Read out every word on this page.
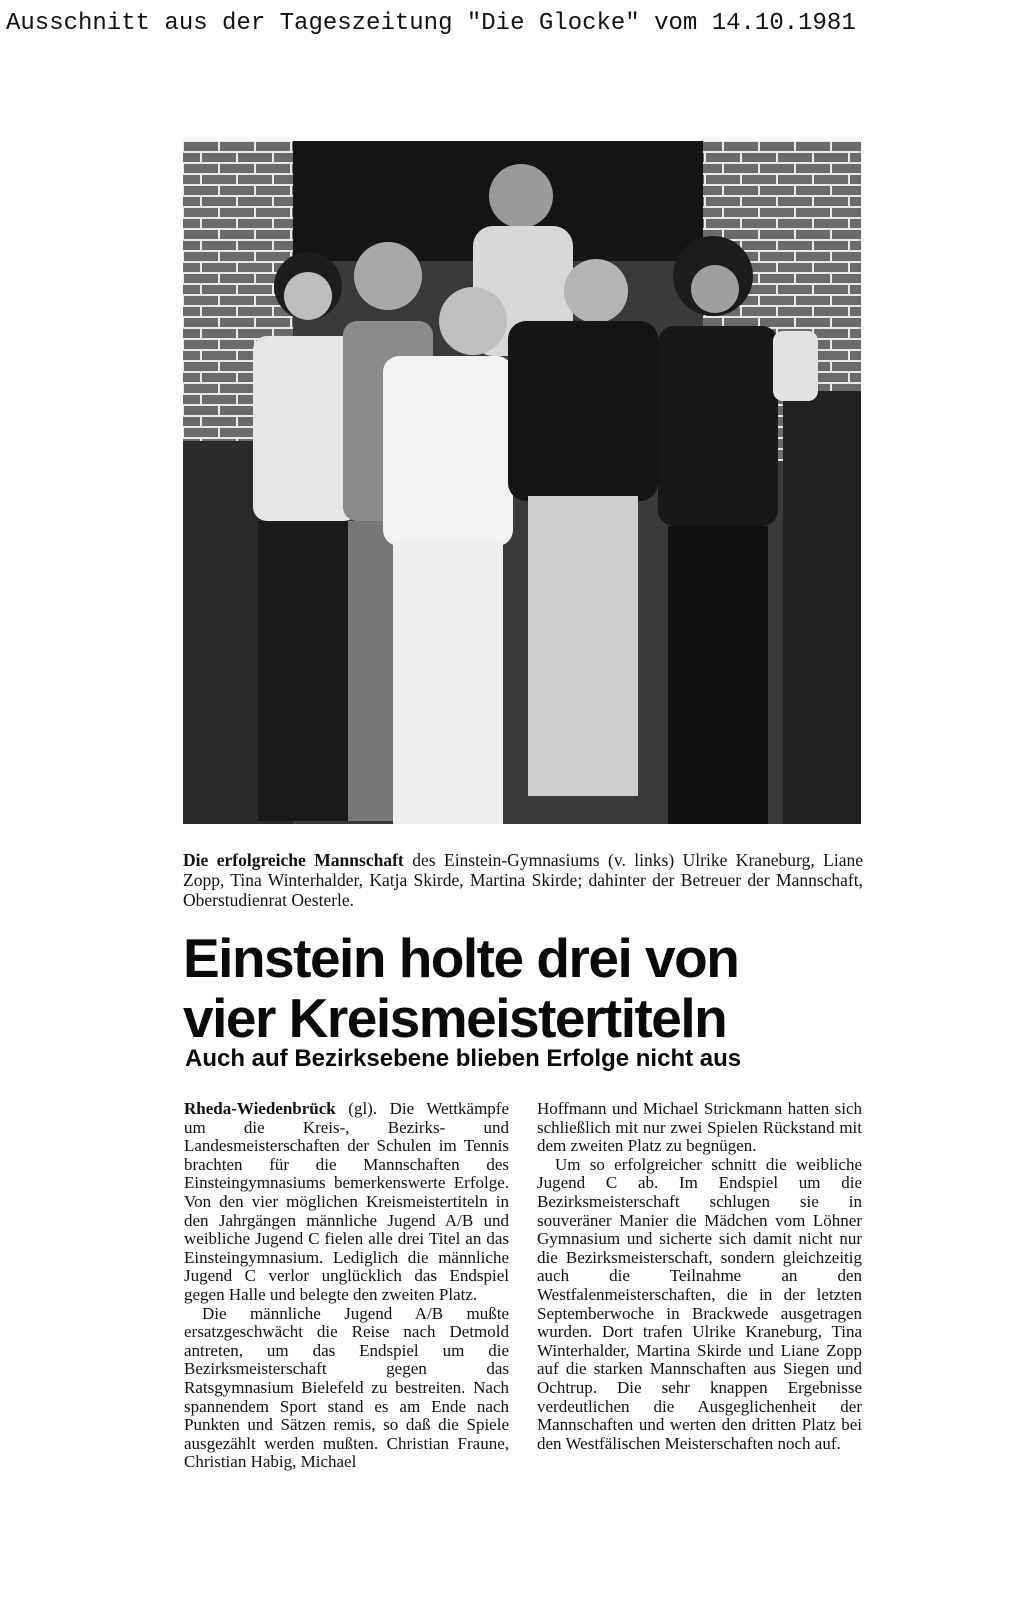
Ausschnitt aus der Tageszeitung "Die Glocke" vom 14.10.1981
Die erfolgreiche Mannschaft des Einstein-Gymnasiums (v. links) Ulrike Kraneburg, Liane Zopp, Tina Winterhalder, Katja Skirde, Martina Skirde; dahinter der Betreuer der Mannschaft, Oberstudienrat Oesterle.
Einstein holte drei von
vier Kreismeistertiteln
Auch auf Bezirksebene blieben Erfolge nicht aus

Rheda-Wiedenbrück (gl). Die Wettkämpfe um die Kreis-, Bezirks- und Landesmeisterschaften der Schulen im Tennis brachten für die Mannschaften des Einsteingymnasiums bemerkenswerte Erfolge. Von den vier möglichen Kreismeistertiteln in den Jahrgängen männliche Jugend A/B und weibliche Jugend C fielen alle drei Titel an das Einsteingymnasium. Lediglich die männliche Jugend C verlor unglücklich das Endspiel gegen Halle und belegte den zweiten Platz.

Die männliche Jugend A/B mußte ersatzgeschwächt die Reise nach Detmold antreten, um das Endspiel um die Bezirksmeisterschaft gegen das Ratsgymnasium Bielefeld zu bestreiten. Nach spannendem Sport stand es am Ende nach Punkten und Sätzen remis, so daß die Spiele ausgezählt werden mußten. Christian Fraune, Christian Habig, Michael

Hoffmann und Michael Strickmann hatten sich schließlich mit nur zwei Spielen Rückstand mit dem zweiten Platz zu begnügen.

Um so erfolgreicher schnitt die weibliche Jugend C ab. Im Endspiel um die Bezirksmeisterschaft schlugen sie in souveräner Manier die Mädchen vom Löhner Gymnasium und sicherte sich damit nicht nur die Bezirksmeisterschaft, sondern gleichzeitig auch die Teilnahme an den Westfalenmeisterschaften, die in der letzten Septemberwoche in Brackwede ausgetragen wurden. Dort trafen Ulrike Kraneburg, Tina Winterhalder, Martina Skirde und Liane Zopp auf die starken Mannschaften aus Siegen und Ochtrup. Die sehr knappen Ergebnisse verdeutlichen die Ausgeglichenheit der Mannschaften und werten den dritten Platz bei den Westfälischen Meisterschaften noch auf.
